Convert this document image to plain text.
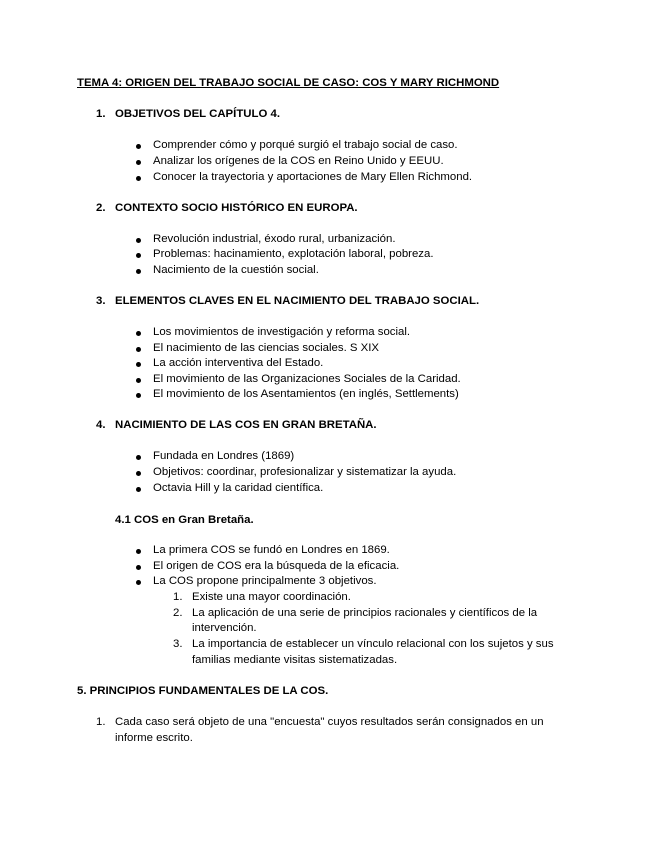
TEMA 4: ORIGEN DEL TRABAJO SOCIAL DE CASO: COS Y MARY RICHMOND
1. OBJETIVOS DEL CAPÍTULO 4.
Comprender cómo y porqué surgió el trabajo social de caso.
Analizar los orígenes de la COS en Reino Unido y EEUU.
Conocer la trayectoria y aportaciones de Mary Ellen Richmond.
2. CONTEXTO SOCIO HISTÓRICO EN EUROPA.
Revolución industrial, éxodo rural, urbanización.
Problemas: hacinamiento, explotación laboral, pobreza.
Nacimiento de la cuestión social.
3. ELEMENTOS CLAVES EN EL NACIMIENTO DEL TRABAJO SOCIAL.
Los movimientos de investigación y reforma social.
El nacimiento de las ciencias sociales. S XIX
La acción interventiva del Estado.
El movimiento de las Organizaciones Sociales de la Caridad.
El movimiento de los Asentamientos (en inglés, Settlements)
4. NACIMIENTO DE LAS COS EN GRAN BRETAÑA.
Fundada en Londres (1869)
Objetivos: coordinar, profesionalizar y sistematizar la ayuda.
Octavia Hill y la caridad científica.
4.1 COS en Gran Bretaña.
La primera COS se fundó en Londres en 1869.
El origen de COS era la búsqueda de la eficacia.
La COS propone principalmente 3 objetivos.
1. Existe una mayor coordinación.
2. La aplicación de una serie de principios racionales y científicos de la
intervención.
3. La importancia de establecer un vínculo relacional con los sujetos y sus
familias mediante visitas sistematizadas.
5. PRINCIPIOS FUNDAMENTALES DE LA COS.
1. Cada caso será objeto de una "encuesta" cuyos resultados serán consignados en un
informe escrito.
